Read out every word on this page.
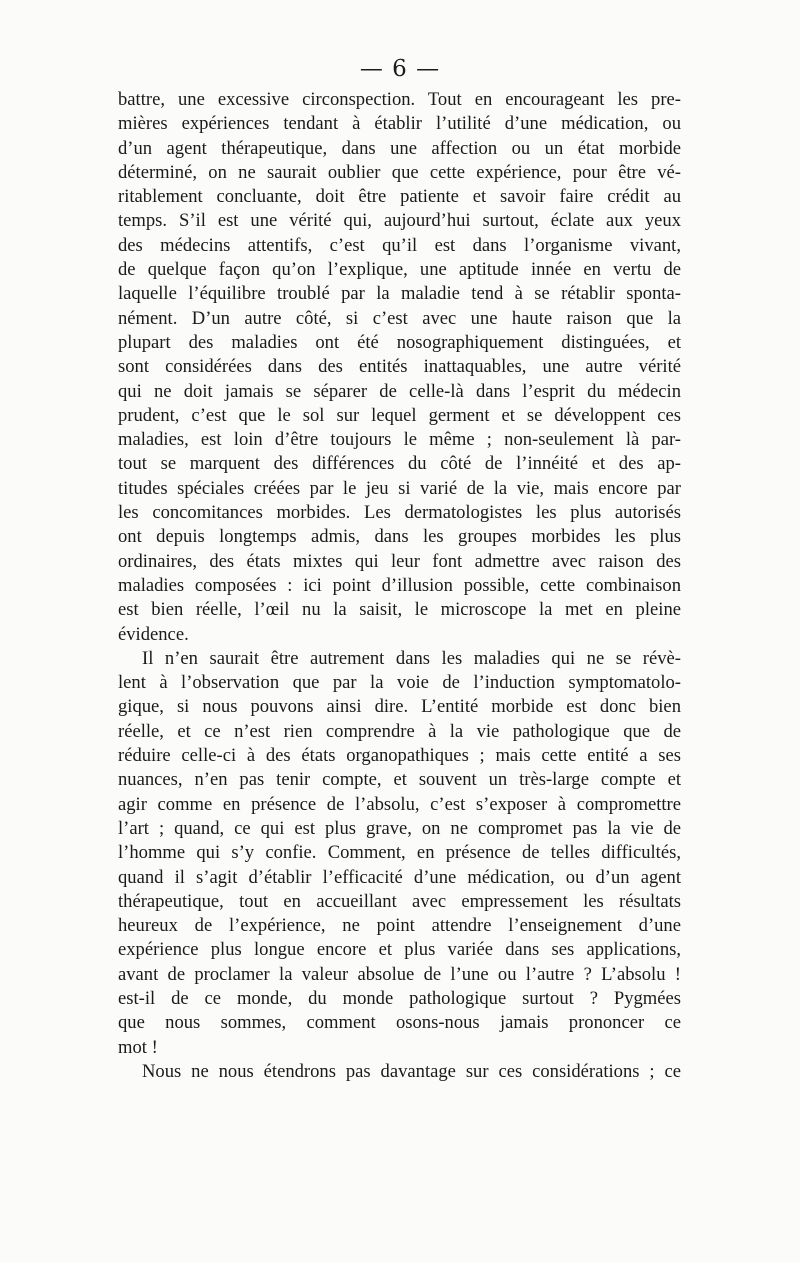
— 6 —
battre, une excessive circonspection. Tout en encourageant les pre-
mières expériences tendant à établir l’utilité d’une médication, ou
d’un agent thérapeutique, dans une affection ou un état morbide
déterminé, on ne saurait oublier que cette expérience, pour être vé-
ritablement concluante, doit être patiente et savoir faire crédit au
temps. S’il est une vérité qui, aujourd’hui surtout, éclate aux yeux
des médecins attentifs, c’est qu’il est dans l’organisme vivant,
de quelque façon qu’on l’explique, une aptitude innée en vertu de
laquelle l’équilibre troublé par la maladie tend à se rétablir sponta-
nément. D’un autre côté, si c’est avec une haute raison que la
plupart des maladies ont été nosographiquement distinguées, et
sont considérées dans des entités inattaquables, une autre vérité
qui ne doit jamais se séparer de celle-là dans l’esprit du médecin
prudent, c’est que le sol sur lequel germent et se développent ces
maladies, est loin d’être toujours le même ; non-seulement là par-
tout se marquent des différences du côté de l’innéité et des ap-
titudes spéciales créées par le jeu si varié de la vie, mais encore par
les concomitances morbides. Les dermatologistes les plus autorisés
ont depuis longtemps admis, dans les groupes morbides les plus
ordinaires, des états mixtes qui leur font admettre avec raison des
maladies composées : ici point d’illusion possible, cette combinaison
est bien réelle, l’œil nu la saisit, le microscope la met en pleine
évidence.
Il n’en saurait être autrement dans les maladies qui ne se révè-
lent à l’observation que par la voie de l’induction symptomatolo-
gique, si nous pouvons ainsi dire. L’entité morbide est donc bien
réelle, et ce n’est rien comprendre à la vie pathologique que de
réduire celle-ci à des états organopathiques ; mais cette entité a ses
nuances, n’en pas tenir compte, et souvent un très-large compte et
agir comme en présence de l’absolu, c’est s’exposer à compromettre
l’art ; quand, ce qui est plus grave, on ne compromet pas la vie de
l’homme qui s’y confie. Comment, en présence de telles difficultés,
quand il s’agit d’établir l’efficacité d’une médication, ou d’un agent
thérapeutique, tout en accueillant avec empressement les résultats
heureux de l’expérience, ne point attendre l’enseignement d’une
expérience plus longue encore et plus variée dans ses applications,
avant de proclamer la valeur absolue de l’une ou l’autre ? L’absolu !
est-il de ce monde, du monde pathologique surtout ? Pygmées
que nous sommes, comment osons-nous jamais prononcer ce
mot !
Nous ne nous étendrons pas davantage sur ces considérations ; ce
